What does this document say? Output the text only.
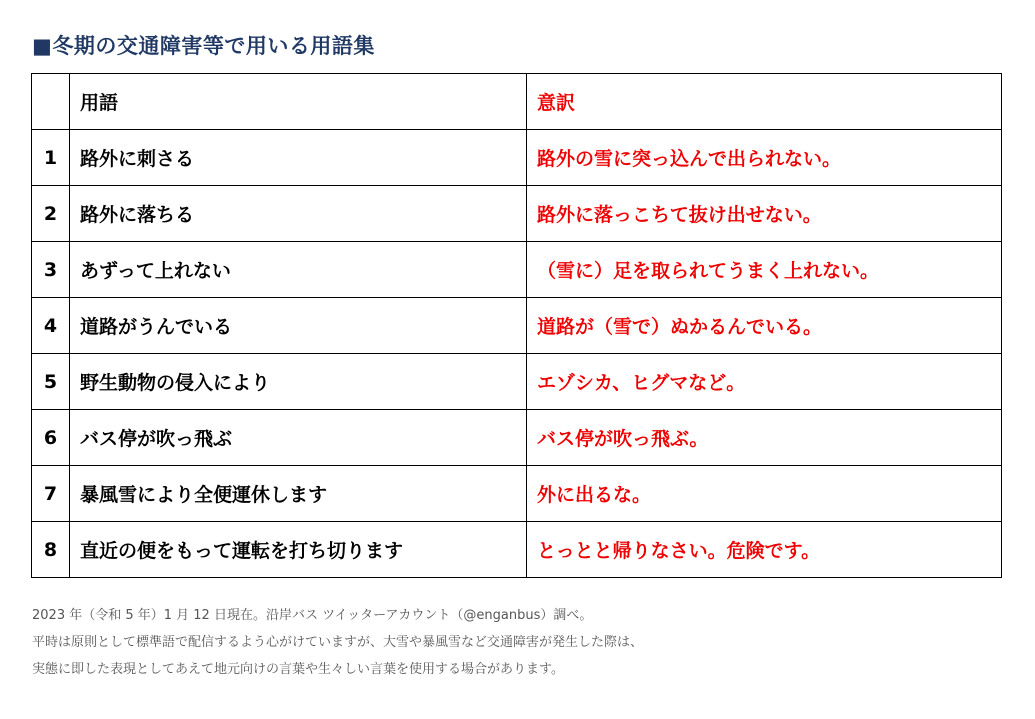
■冬期の交通障害等で用いる用語集
	用語	意訳
1	路外に刺さる	路外の雪に突っ込んで出られない。
2	路外に落ちる	路外に落っこちて抜け出せない。
3	あずって上れない	（雪に）足を取られてうまく上れない。
4	道路がうんでいる	道路が（雪で）ぬかるんでいる。
5	野生動物の侵入により	エゾシカ、ヒグマなど。
6	バス停が吹っ飛ぶ	バス停が吹っ飛ぶ。
7	暴風雪により全便運休します	外に出るな。
8	直近の便をもって運転を打ち切ります	とっとと帰りなさい。危険です。
2023 年（令和 5 年）1 月 12 日現在。沿岸バス ツイッターアカウント（@enganbus）調べ。
平時は原則として標準語で配信するよう心がけていますが、大雪や暴風雪など交通障害が発生した際は、
実態に即した表現としてあえて地元向けの言葉や生々しい言葉を使用する場合があります。
